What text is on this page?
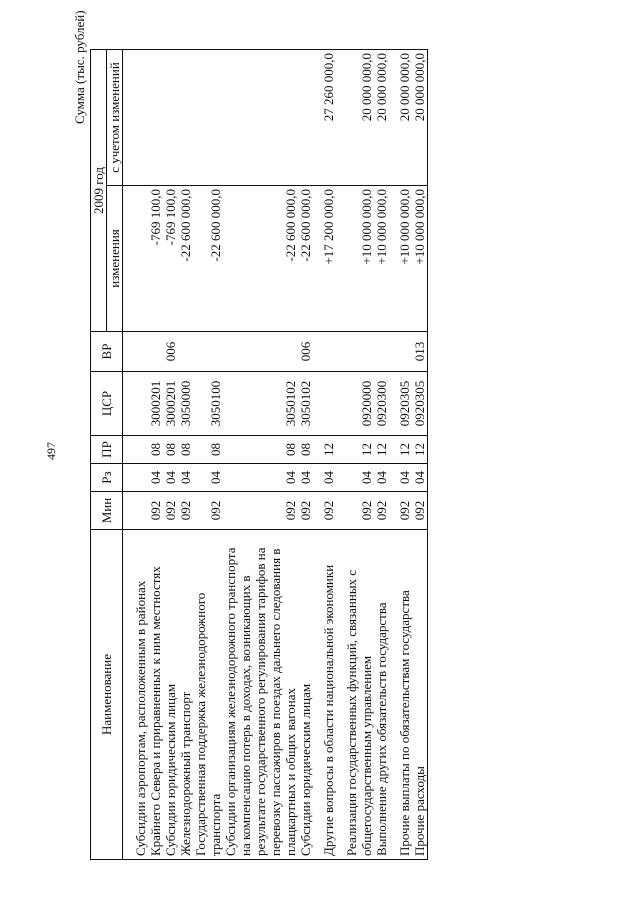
497
Сумма (тыс. рублей)
Наименование	Мин	Рз	ПР	ЦСР	ВР	2009 год	
						изменения	с учетом изменений

Субсидии аэропортам, расположенным в районах Крайнего Севера и приравненных к ним местностях	092	04	08	3000201		-769 100,0	
Субсидии юридическим лицам	092	04	08	3000201	006	-769 100,0	
Железнодорожный транспорт	092	04	08	3050000		-22 600 000,0	
Государственная поддержка железнодорожного транспорта	092	04	08	3050100		-22 600 000,0	
Субсидии организациям железнодорожного транспорта на компенсацию потерь в доходах, возникающих в результате государственного регулирования тарифов на перевозку пассажиров в поездах дальнего следования в плацкартных и общих вагонах	092	04	08	3050102		-22 600 000,0	
Субсидии юридическим лицам	092	04	08	3050102	006	-22 600 000,0	
Другие вопросы в области национальной экономики	092	04	12			+17 200 000,0	27 260 000,0
Реализация государственных функций, связанных с общегосударственным управлением	092	04	12	0920000		+10 000 000,0	20 000 000,0
Выполнение других обязательств государства	092	04	12	0920300		+10 000 000,0	20 000 000,0
Прочие выплаты по обязательствам государства	092	04	12	0920305		+10 000 000,0	20 000 000,0
Прочие расходы	092	04	12	0920305	013	+10 000 000,0	20 000 000,0
